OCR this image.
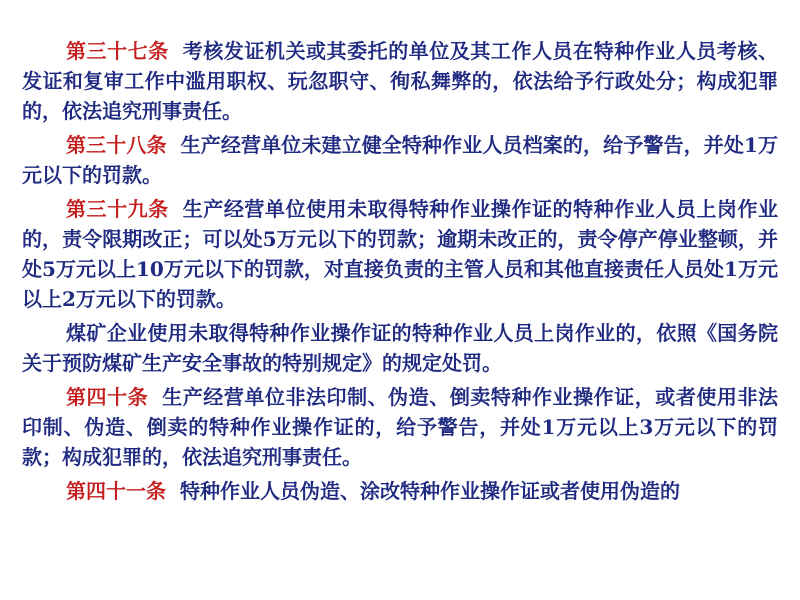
第三十七条 考核发证机关或其委托的单位及其工作人员在特种作业人员考核、发证和复审工作中滥用职权、玩忽职守、徇私舞弊的，依法给予行政处分；构成犯罪的，依法追究刑事责任。

第三十八条 生产经营单位未建立健全特种作业人员档案的，给予警告，并处1万元以下的罚款。

第三十九条 生产经营单位使用未取得特种作业操作证的特种作业人员上岗作业的，责令限期改正；可以处5万元以下的罚款；逾期未改正的，责令停产停业整顿，并处5万元以上10万元以下的罚款，对直接负责的主管人员和其他直接责任人员处1万元以上2万元以下的罚款。

煤矿企业使用未取得特种作业操作证的特种作业人员上岗作业的，依照《国务院关于预防煤矿生产安全事故的特别规定》的规定处罚。

第四十条 生产经营单位非法印制、伪造、倒卖特种作业操作证，或者使用非法印制、伪造、倒卖的特种作业操作证的，给予警告，并处1万元以上3万元以下的罚款；构成犯罪的，依法追究刑事责任。

第四十一条 特种作业人员伪造、涂改特种作业操作证或者使用伪造的
